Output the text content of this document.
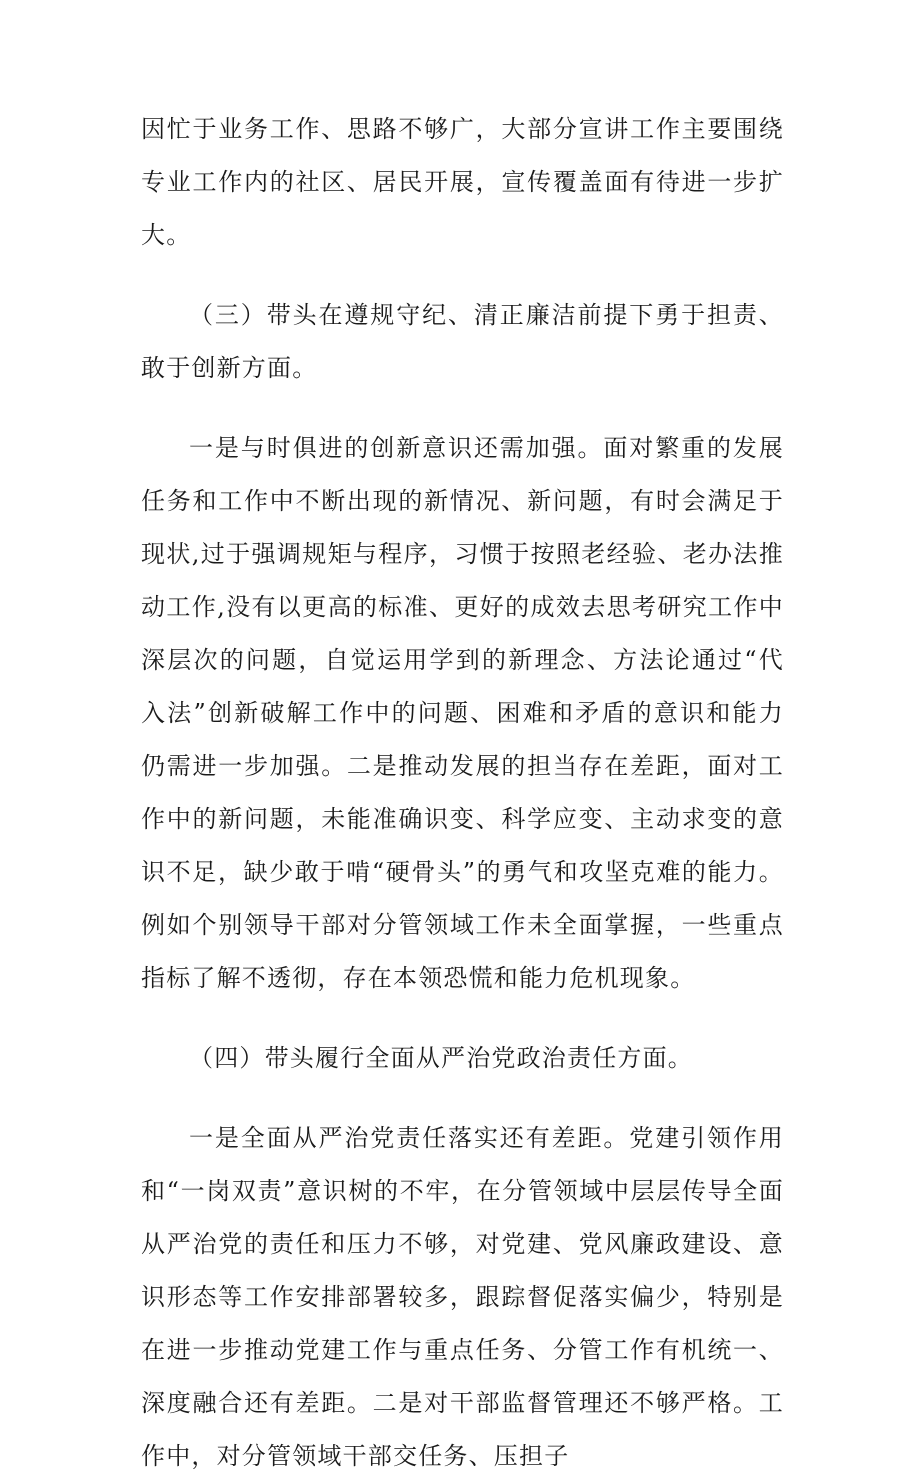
因忙于业务工作、思路不够广，大部分宣讲工作主要围绕专业工作内的社区、居民开展，宣传覆盖面有待进一步扩大。

（三）带头在遵规守纪、清正廉洁前提下勇于担责、敢于创新方面。

一是与时俱进的创新意识还需加强。面对繁重的发展任务和工作中不断出现的新情况、新问题，有时会满足于现状,过于强调规矩与程序，习惯于按照老经验、老办法推动工作,没有以更高的标准、更好的成效去思考研究工作中深层次的问题，自觉运用学到的新理念、方法论通过“代入法”创新破解工作中的问题、困难和矛盾的意识和能力仍需进一步加强。二是推动发展的担当存在差距，面对工作中的新问题，未能准确识变、科学应变、主动求变的意识不足，缺少敢于啃“硬骨头”的勇气和攻坚克难的能力。例如个别领导干部对分管领域工作未全面掌握，一些重点指标了解不透彻，存在本领恐慌和能力危机现象。

（四）带头履行全面从严治党政治责任方面。

一是全面从严治党责任落实还有差距。党建引领作用和“一岗双责”意识树的不牢，在分管领域中层层传导全面从严治党的责任和压力不够，对党建、党风廉政建设、意识形态等工作安排部署较多，跟踪督促落实偏少，特别是在进一步推动党建工作与重点任务、分管工作有机统一、深度融合还有差距。二是对干部监督管理还不够严格。工作中，对分管领域干部交任务、压担子
